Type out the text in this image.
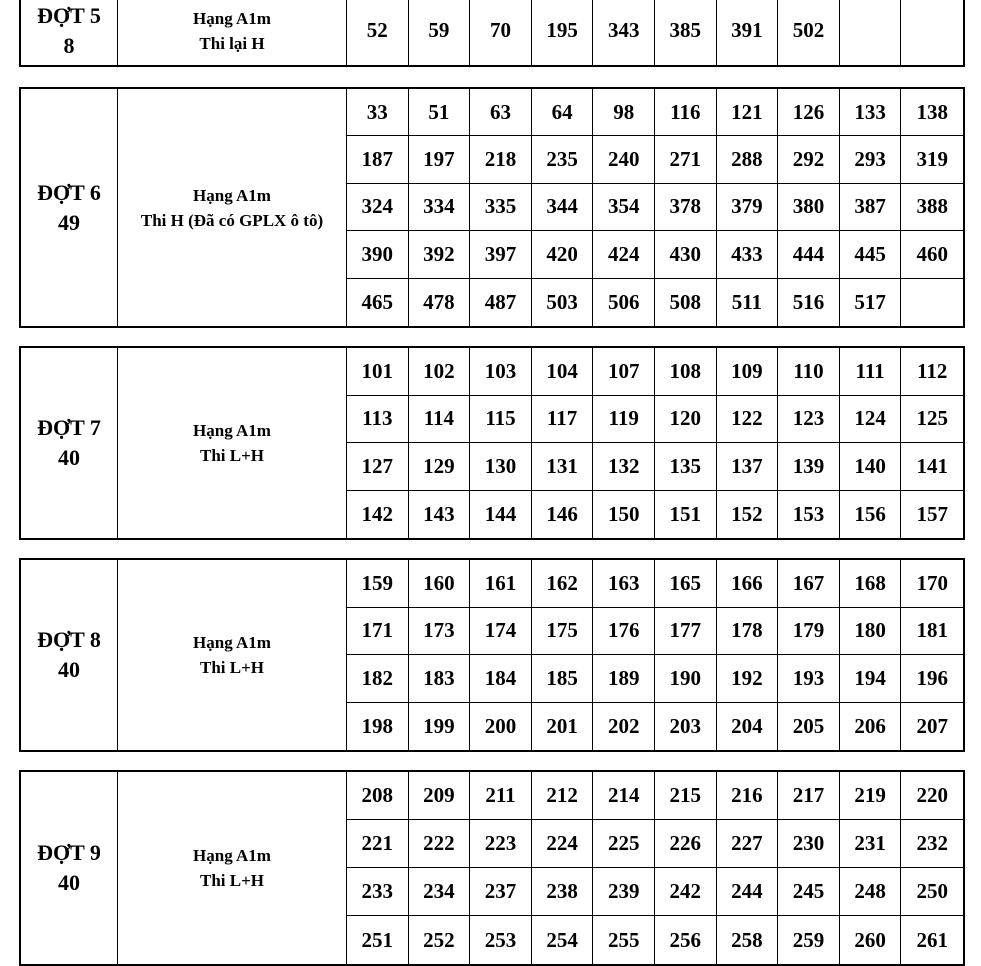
ĐỢT 5
8
Hạng A1m
Thi lại H
52	59	70	195	343	385	391	502
ĐỢT 6
49
Hạng A1m
Thi H (Đã có GPLX ô tô)
33	51	63	64	98	116	121	126	133	138
187	197	218	235	240	271	288	292	293	319
324	334	335	344	354	378	379	380	387	388
390	392	397	420	424	430	433	444	445	460
465	478	487	503	506	508	511	516	517
ĐỢT 7
40
Hạng A1m
Thi L+H
101	102	103	104	107	108	109	110	111	112
113	114	115	117	119	120	122	123	124	125
127	129	130	131	132	135	137	139	140	141
142	143	144	146	150	151	152	153	156	157
ĐỢT 8
40
Hạng A1m
Thi L+H
159	160	161	162	163	165	166	167	168	170
171	173	174	175	176	177	178	179	180	181
182	183	184	185	189	190	192	193	194	196
198	199	200	201	202	203	204	205	206	207
ĐỢT 9
40
Hạng A1m
Thi L+H
208	209	211	212	214	215	216	217	219	220
221	222	223	224	225	226	227	230	231	232
233	234	237	238	239	242	244	245	248	250
251	252	253	254	255	256	258	259	260	261
